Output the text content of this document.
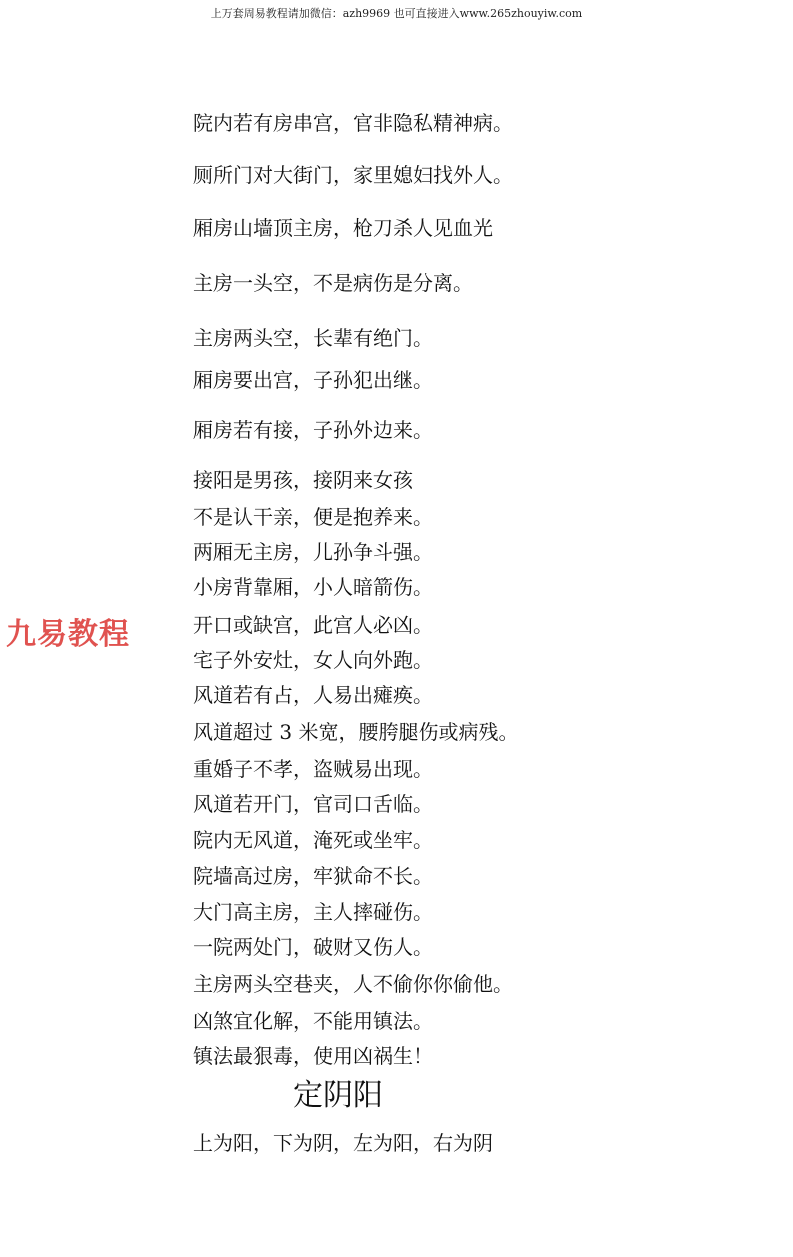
上万套周易教程请加微信：azh9969 也可直接进入www.265zhouyiw.com
九易教程
院内若有房串宫，官非隐私精神病。
厕所门对大街门，家里媳妇找外人。
厢房山墙顶主房，枪刀杀人见血光
主房一头空，不是病伤是分离。
主房两头空，长辈有绝门。
厢房要出宫，子孙犯出继。
厢房若有接，子孙外边来。
接阳是男孩，接阴来女孩
不是认干亲，便是抱养来。
两厢无主房，儿孙争斗强。
小房背靠厢，小人暗箭伤。
开口或缺宫，此宫人必凶。
宅子外安灶，女人向外跑。
风道若有占，人易出瘫痪。
风道超过 3 米宽，腰胯腿伤或病残。
重婚子不孝，盗贼易出现。
风道若开门，官司口舌临。
院内无风道，淹死或坐牢。
院墙高过房，牢狱命不长。
大门高主房，主人摔碰伤。
一院两处门，破财又伤人。
主房两头空巷夹，人不偷你你偷他。
凶煞宜化解，不能用镇法。
镇法最狠毒，使用凶祸生！
定阴阳
上为阳，下为阴，左为阳，右为阴
